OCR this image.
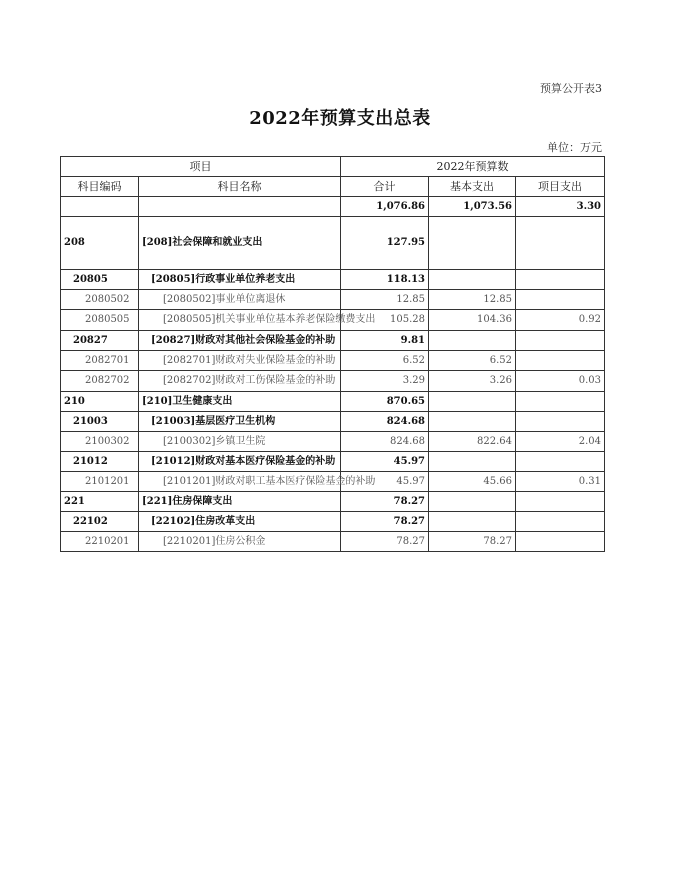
预算公开表3
2022年预算支出总表
单位：万元
项目		2022年预算数		
科目编码	科目名称	合计	基本支出	项目支出
		1,076.86	1,073.56	3.30
208	[208]社会保障和就业支出	127.95		
20805	[20805]行政事业单位养老支出	118.13		
2080502	[2080502]事业单位离退休	12.85	12.85	
2080505	[2080505]机关事业单位基本养老保险缴费支出	105.28	104.36	0.92
20827	[20827]财政对其他社会保险基金的补助	9.81		
2082701	[2082701]财政对失业保险基金的补助	6.52	6.52	
2082702	[2082702]财政对工伤保险基金的补助	3.29	3.26	0.03
210	[210]卫生健康支出	870.65		
21003	[21003]基层医疗卫生机构	824.68		
2100302	[2100302]乡镇卫生院	824.68	822.64	2.04
21012	[21012]财政对基本医疗保险基金的补助	45.97		
2101201	[2101201]财政对职工基本医疗保险基金的补助	45.97	45.66	0.31
221	[221]住房保障支出	78.27		
22102	[22102]住房改革支出	78.27		
2210201	[2210201]住房公积金	78.27	78.27	
